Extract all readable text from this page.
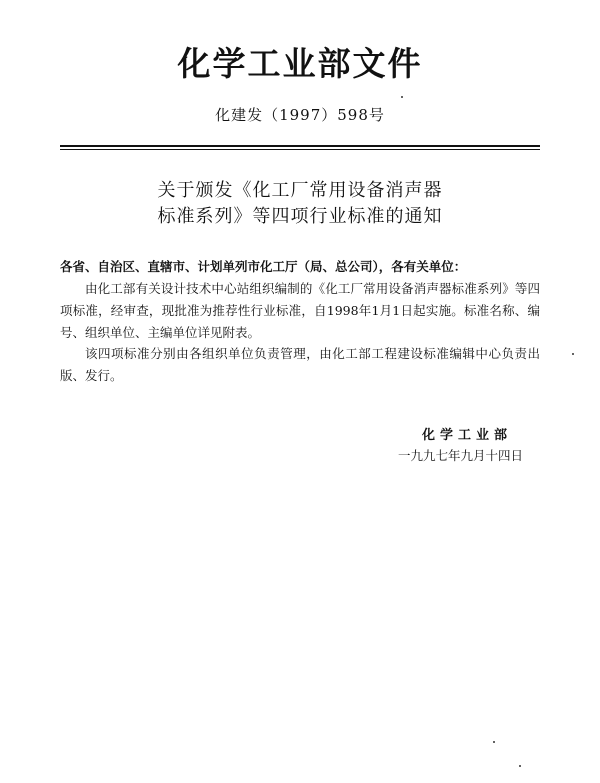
化学工业部文件
化建发（1997）598号
关于颁发《化工厂常用设备消声器
标准系列》等四项行业标准的通知
各省、自治区、直辖市、计划单列市化工厅（局、总公司），各有关单位：
由化工部有关设计技术中心站组织编制的《化工厂常用设备消声器标准系列》等四项标准，经审查，现批准为推荐性行业标准，自1998年1月1日起实施。标准名称、编号、组织单位、主编单位详见附表。
该四项标准分别由各组织单位负责管理，由化工部工程建设标准编辑中心负责出版、发行。
化学工业部
一九九七年九月十四日
